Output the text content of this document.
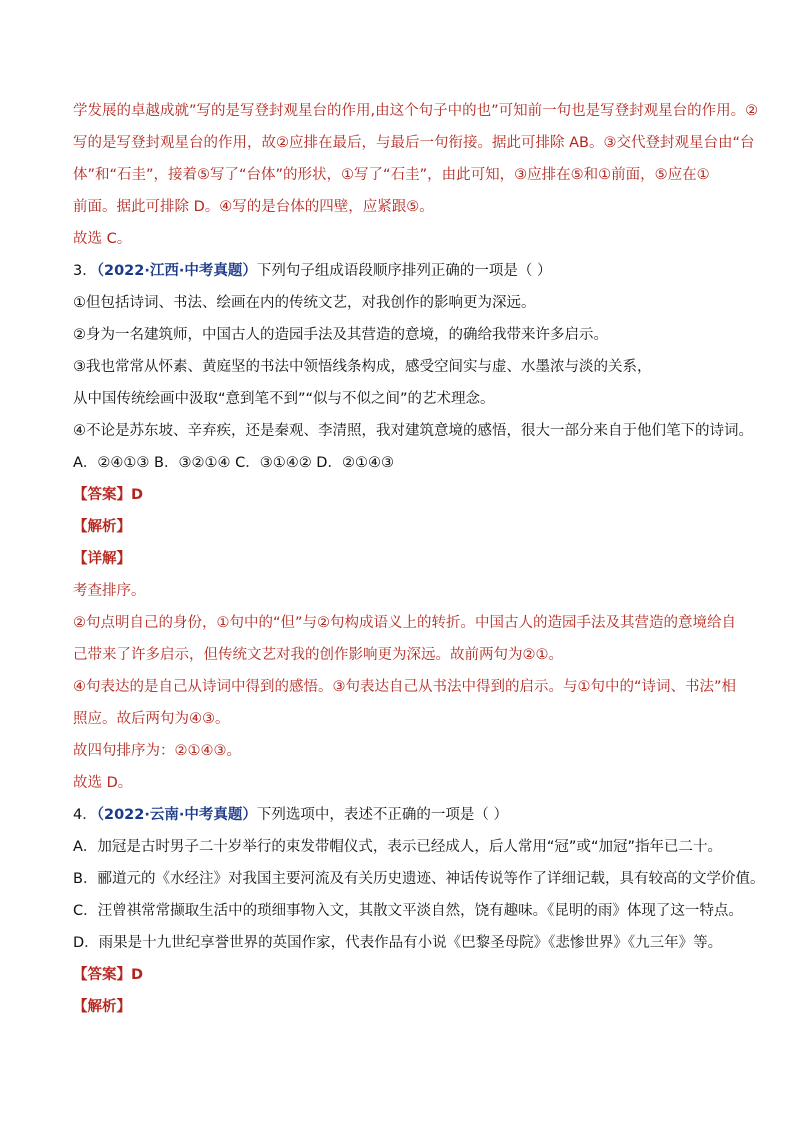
学发展的卓越成就”写的是写登封观星台的作用,由这个句子中的也”可知前一句也是写登封观星台的作用。②

写的是写登封观星台的作用，故②应排在最后，与最后一句衔接。据此可排除 AB。③交代登封观星台由“台

体”和“石圭”，接着⑤写了“台体”的形状，①写了“石圭”，由此可知，③应排在⑤和①前面，⑤应在①

前面。据此可排除 D。④写的是台体的四壁，应紧跟⑤。

故选 C。

3．（2022·江西·中考真题）下列句子组成语段顺序排列正确的一项是（ ）

①但包括诗词、书法、绘画在内的传统文艺，对我创作的影响更为深远。

②身为一名建筑师，中国古人的造园手法及其营造的意境，的确给我带来许多启示。

③我也常常从怀素、黄庭坚的书法中领悟线条构成，感受空间实与虚、水墨浓与淡的关系，

从中国传统绘画中汲取“意到笔不到”“似与不似之间”的艺术理念。

④不论是苏东坡、辛弃疾，还是秦观、李清照，我对建筑意境的感悟，很大一部分来自于他们笔下的诗词。

A．②④①③ B．③②①④ C．③①④② D．②①④③

【答案】D

【解析】

【详解】

考查排序。

②句点明自己的身份，①句中的“但”与②句构成语义上的转折。中国古人的造园手法及其营造的意境给自

己带来了许多启示，但传统文艺对我的创作影响更为深远。故前两句为②①。

④句表达的是自己从诗词中得到的感悟。③句表达自己从书法中得到的启示。与①句中的“诗词、书法”相

照应。故后两句为④③。

故四句排序为：②①④③。

故选 D。

4．（2022·云南·中考真题）下列选项中，表述不正确的一项是（ ）

A．加冠是古时男子二十岁举行的束发带帽仪式，表示已经成人，后人常用“冠”或“加冠”指年已二十。

B．郦道元的《水经注》对我国主要河流及有关历史遗迹、神话传说等作了详细记载，具有较高的文学价值。

C．汪曾祺常常撷取生活中的琐细事物入文，其散文平淡自然，饶有趣味。《昆明的雨》体现了这一特点。

D．雨果是十九世纪享誉世界的英国作家，代表作品有小说《巴黎圣母院》《悲惨世界》《九三年》等。

【答案】D

【解析】
